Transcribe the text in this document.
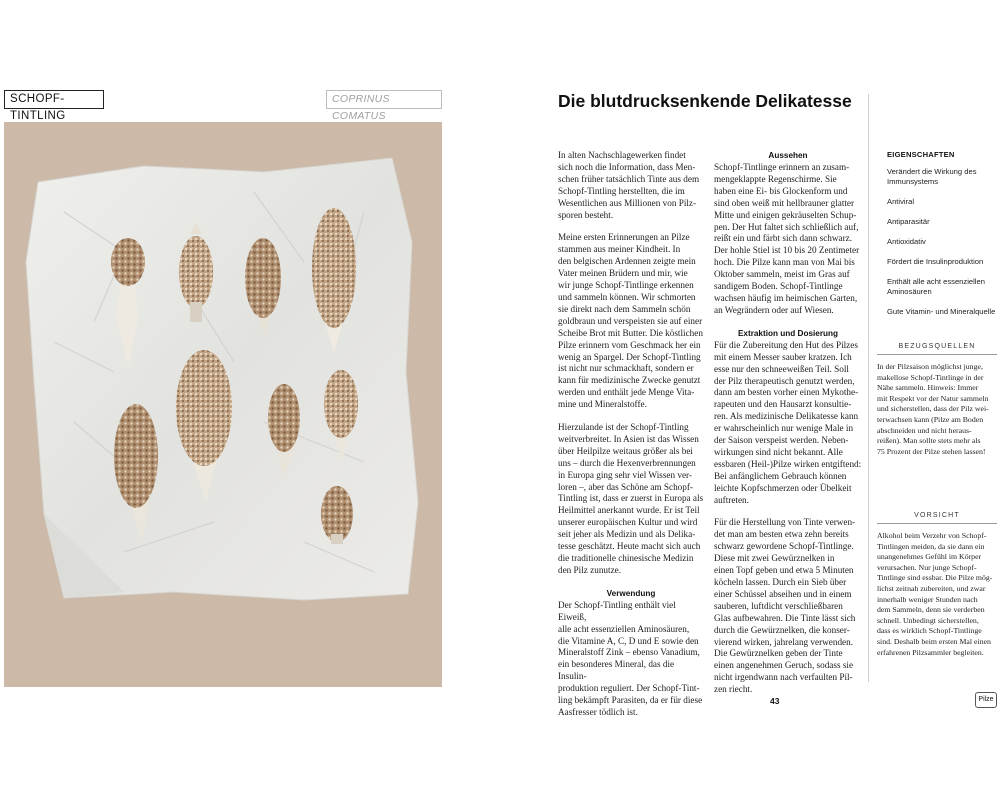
SCHOPF-TINTLING
COPRINUS COMATUS
Die blutdrucksenkende Delikatesse

In alten Nachschlagewerken findet
sich noch die Information, dass Men-
schen früher tatsächlich Tinte aus dem
Schopf-Tintling herstellten, die im
Wesentlichen aus Millionen von Pilz-
sporen besteht.

Meine ersten Erinnerungen an Pilze
stammen aus meiner Kindheit. In
den belgischen Ardennen zeigte mein
Vater meinen Brüdern und mir, wie
wir junge Schopf-Tintlinge erkennen
und sammeln können. Wir schmorten
sie direkt nach dem Sammeln schön
goldbraun und verspeisten sie auf einer
Scheibe Brot mit Butter. Die köstlichen
Pilze erinnern vom Geschmack her ein
wenig an Spargel. Der Schopf-Tintling
ist nicht nur schmackhaft, sondern er
kann für medizinische Zwecke genutzt
werden und enthält jede Menge Vita-
mine und Mineralstoffe.

Hierzulande ist der Schopf-Tintling
weitverbreitet. In Asien ist das Wissen
über Heilpilze weitaus größer als bei
uns – durch die Hexenverbrennungen
in Europa ging sehr viel Wissen ver-
loren –, aber das Schöne am Schopf-
Tintling ist, dass er zuerst in Europa als
Heilmittel anerkannt wurde. Er ist Teil
unserer europäischen Kultur und wird
seit jeher als Medizin und als Delika-
tesse geschätzt. Heute macht sich auch
die traditionelle chinesische Medizin
den Pilz zunutze.

Verwendung

Der Schopf-Tintling enthält viel Eiweiß,
alle acht essenziellen Aminosäuren,
die Vitamine A, C, D und E sowie den
Mineralstoff Zink – ebenso Vanadium,
ein besonderes Mineral, das die Insulin-
produktion reguliert. Der Schopf-Tint-
ling bekämpft Parasiten, da er für diese
Aasfresser tödlich ist.

Aussehen

Schopf-Tintlinge erinnern an zusam-
mengeklappte Regenschirme. Sie
haben eine Ei- bis Glockenform und
sind oben weiß mit hellbrauner glatter
Mitte und einigen gekräuselten Schup-
pen. Der Hut faltet sich schließlich auf,
reißt ein und färbt sich dann schwarz.
Der hohle Stiel ist 10 bis 20 Zentimeter
hoch. Die Pilze kann man von Mai bis
Oktober sammeln, meist im Gras auf
sandigem Boden. Schopf-Tintlinge
wachsen häufig im heimischen Garten,
an Wegrändern oder auf Wiesen.

Extraktion und Dosierung

Für die Zubereitung den Hut des Pilzes
mit einem Messer sauber kratzen. Ich
esse nur den schneeweißen Teil. Soll
der Pilz therapeutisch genutzt werden,
dann am besten vorher einen Mykothe-
rapeuten und den Hausarzt konsultie-
ren. Als medizinische Delikatesse kann
er wahrscheinlich nur wenige Male in
der Saison verspeist werden. Neben-
wirkungen sind nicht bekannt. Alle
essbaren (Heil-)Pilze wirken entgiftend:
Bei anfänglichem Gebrauch können
leichte Kopfschmerzen oder Übelkeit
auftreten.

Für die Herstellung von Tinte verwen-
det man am besten etwa zehn bereits
schwarz gewordene Schopf-Tintlinge.
Diese mit zwei Gewürznelken in
einen Topf geben und etwa 5 Minuten
köcheln lassen. Durch ein Sieb über
einer Schüssel abseihen und in einem
sauberen, luftdicht verschließbaren
Glas aufbewahren. Die Tinte lässt sich
durch die Gewürznelken, die konser-
vierend wirken, jahrelang verwenden.
Die Gewürznelken geben der Tinte
einen angenehmen Geruch, sodass sie
nicht irgendwann nach verfaulten Pil-
zen riecht.

EIGENSCHAFTEN
Verändert die Wirkung des
Immunsystems
Antiviral
Antiparasitär
Antioxidativ
Fördert die Insulinproduktion
Enthält alle acht essenziellen
Aminosäuren
Gute Vitamin- und Mineralquelle
BEZUGSQUELLEN
In der Pilzsaison möglichst junge,
makellose Schopf-Tintlinge in der
Nähe sammeln. Hinweis: Immer
mit Respekt vor der Natur sammeln
und sicherstellen, dass der Pilz wei-
terwachsen kann (Pilze am Boden
abschneiden und nicht heraus-
reißen). Man sollte stets mehr als
75 Prozent der Pilze stehen lassen!
VORSICHT
Alkohol beim Verzehr von Schopf-
Tintlingen meiden, da sie dann ein
unangenehmes Gefühl im Körper
verursachen. Nur junge Schopf-
Tintlinge sind essbar. Die Pilze mög-
lichst zeitnah zubereiten, und zwar
innerhalb weniger Stunden nach
dem Sammeln, denn sie verderben
schnell. Unbedingt sicherstellen,
dass es wirklich Schopf-Tintlinge
sind. Deshalb beim ersten Mal einen
erfahrenen Pilzsammler begleiten.
43	Pilze
